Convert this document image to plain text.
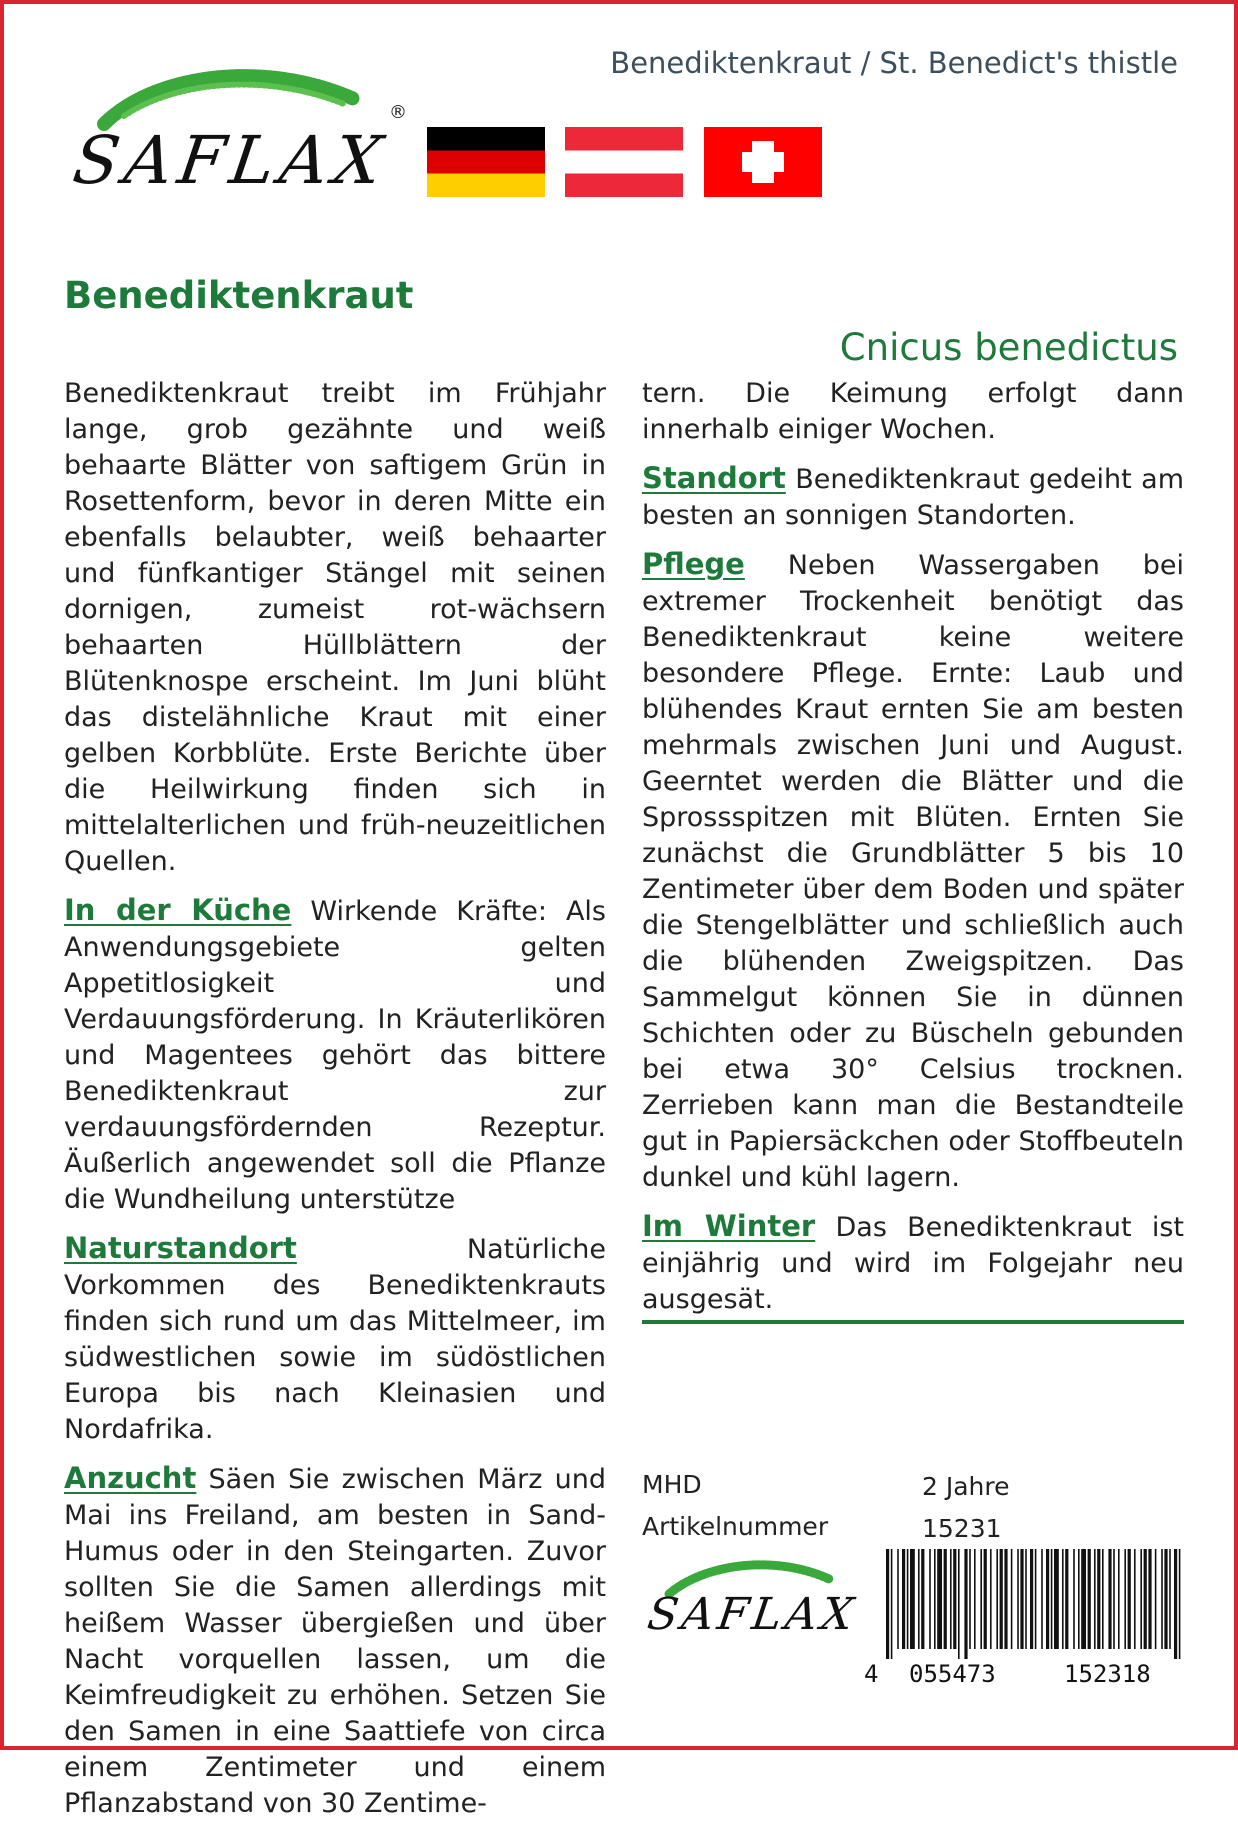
Benediktenkraut / St. Benedict's thistle
SAFLAX
®
Benediktenkraut
Cnicus benedictus

Benediktenkraut treibt im Frühjahr lange, grob gezähnte und weiß behaarte Blätter von saftigem Grün in Rosettenform, bevor in deren Mitte ein ebenfalls belaubter, weiß behaarter und fünfkantiger Stängel mit seinen dornigen, zumeist rot-wächsern behaarten Hüllblättern der Blütenknospe erscheint. Im Juni blüht das distelähnliche Kraut mit einer gelben Korbblüte. Erste Berichte über die Heilwirkung finden sich in mittelalterlichen und früh-neuzeitlichen Quellen.

In der Küche Wirkende Kräfte: Als Anwendungsgebiete gelten Appetitlosigkeit und Verdauungsförderung. In Kräuterlikören und Magentees gehört das bittere Benediktenkraut zur verdauungsfördernden Rezeptur. Äußerlich angewendet soll die Pflanze die Wundheilung unterstütze

Naturstandort	Natürliche Vorkommen des Benediktenkrauts finden sich rund um das Mittelmeer, im südwestlichen sowie im südöstlichen Europa bis nach Kleinasien und Nordafrika.

Anzucht Säen Sie zwischen März und Mai ins Freiland, am besten in Sand-Humus oder in den Steingarten. Zuvor sollten Sie die Samen allerdings mit heißem Wasser übergießen und über Nacht vorquellen lassen, um die Keimfreudigkeit zu erhöhen. Setzen Sie den Samen in eine Saattiefe von circa einem Zentimeter und einem Pflanzabstand von 30 Zentime-

tern. Die Keimung erfolgt dann innerhalb einiger Wochen.

Standort Benediktenkraut gedeiht am besten an sonnigen Standorten.

Pflege Neben Wassergaben bei extremer Trockenheit benötigt das Benediktenkraut keine weitere besondere Pflege. Ernte: Laub und blühendes Kraut ernten Sie am besten mehrmals zwischen Juni und August. Geerntet werden die Blätter und die Sprossspitzen mit Blüten. Ernten Sie zunächst die Grundblätter 5 bis 10 Zentimeter über dem Boden und später die Stengelblätter und schließlich auch die blühenden Zweigspitzen. Das Sammelgut können Sie in dünnen Schichten oder zu Büscheln gebunden bei etwa 30° Celsius trocknen. Zerrieben kann man die Bestandteile gut in Papiersäckchen oder Stoffbeuteln dunkel und kühl lagern.

Im Winter Das Benediktenkraut ist einjährig und wird im Folgejahr neu ausgesät.

MHD	2 Jahre
Artikelnummer	15231
SAFLAX
4 055473	152318
